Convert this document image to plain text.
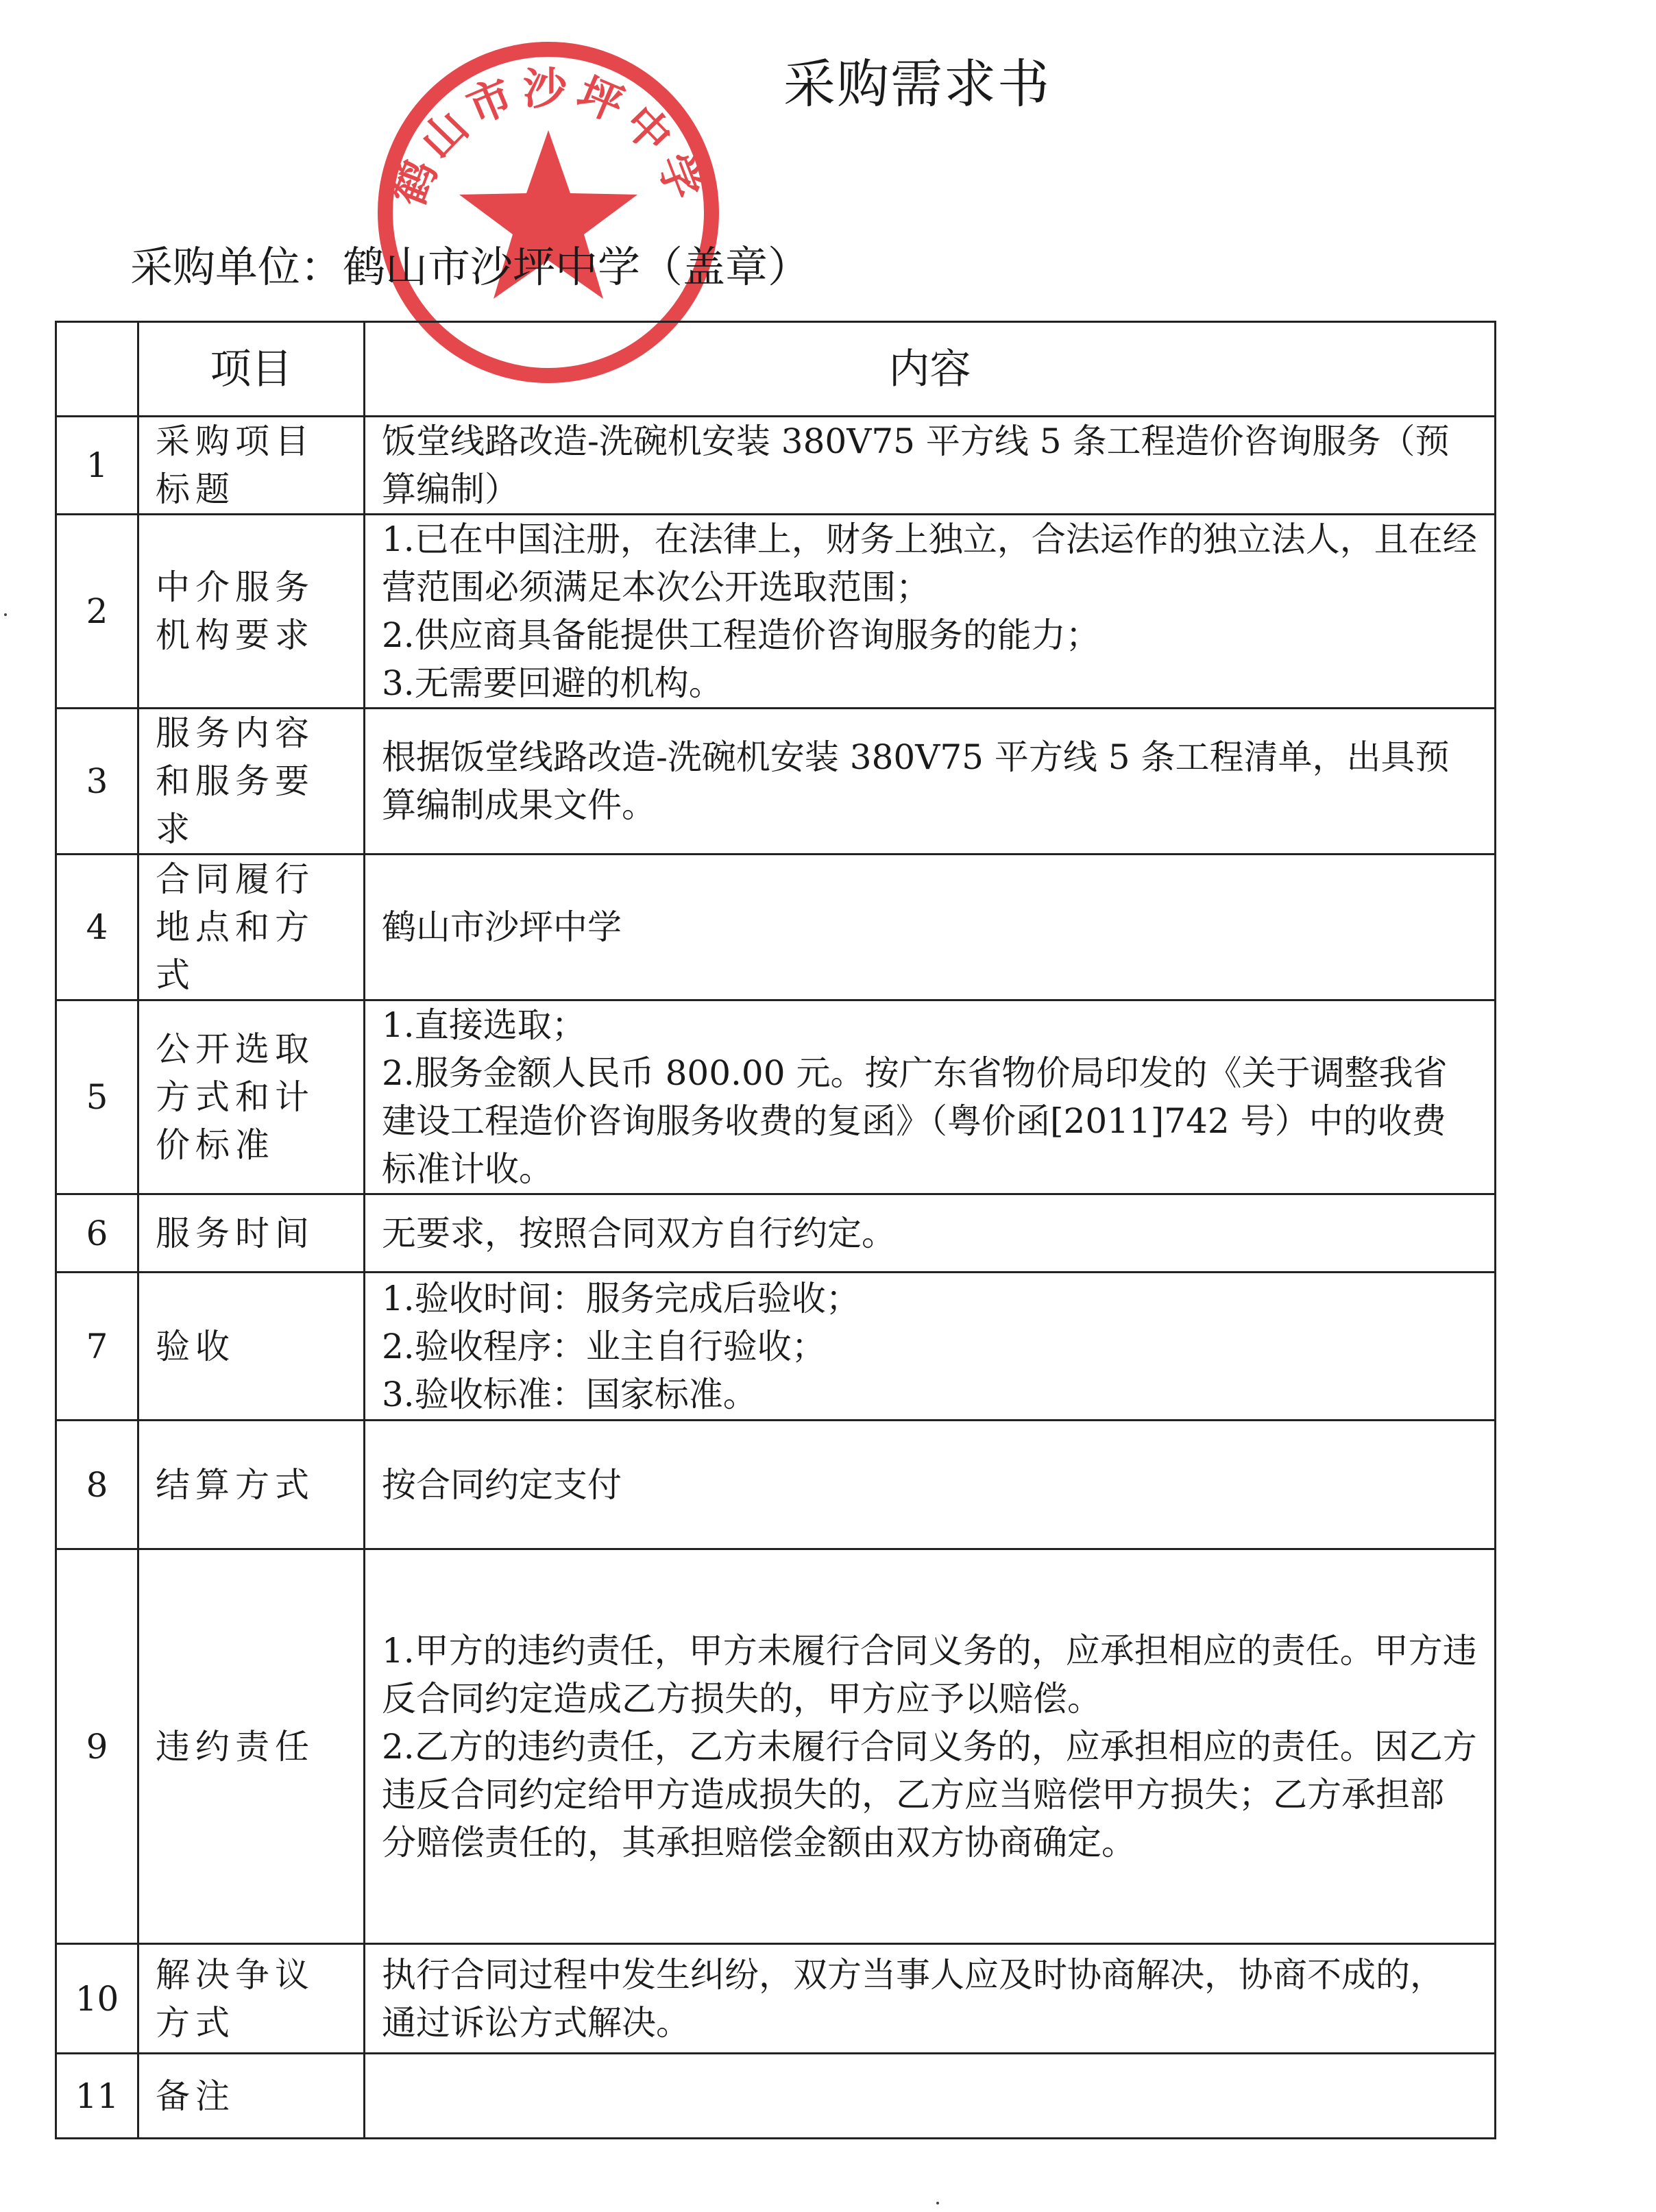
采购需求书
鹤山市沙坪中学
采购单位：鹤山市沙坪中学（盖章）
	项目	内容
1	采购项目标题	饭堂线路改造-洗碗机安装 380V75 平方线 5 条工程造价咨询服务（预算编制）

2	中介服务机构要求	1.已在中国注册，在法律上，财务上独立，合法运作的独立法人，且在经营范围必须满足本次公开选取范围；
2.供应商具备能提供工程造价咨询服务的能力；
3.无需要回避的机构。

3	服务内容和服务要求	根据饭堂线路改造-洗碗机安装 380V75 平方线 5 条工程清单，出具预算编制成果文件。

4	合同履行地点和方式	鹤山市沙坪中学

5	公开选取方式和计价标准	1.直接选取；
2.服务金额人民币 800.00 元。按广东省物价局印发的《关于调整我省建设工程造价咨询服务收费的复函》（粤价函[2011]742 号）中的收费标准计收。

6	服务时间	无要求，按照合同双方自行约定。

7	验收	1.验收时间：服务完成后验收；
2.验收程序：业主自行验收；
3.验收标准：国家标准。

8	结算方式	按合同约定支付

9	违约责任	1.甲方的违约责任，甲方未履行合同义务的，应承担相应的责任。甲方违反合同约定造成乙方损失的，甲方应予以赔偿。
2.乙方的违约责任，乙方未履行合同义务的，应承担相应的责任。因乙方违反合同约定给甲方造成损失的，乙方应当赔偿甲方损失；乙方承担部分赔偿责任的，其承担赔偿金额由双方协商确定。

10	解决争议方式	执行合同过程中发生纠纷，双方当事人应及时协商解决，协商不成的，通过诉讼方式解决。

11	备注	
